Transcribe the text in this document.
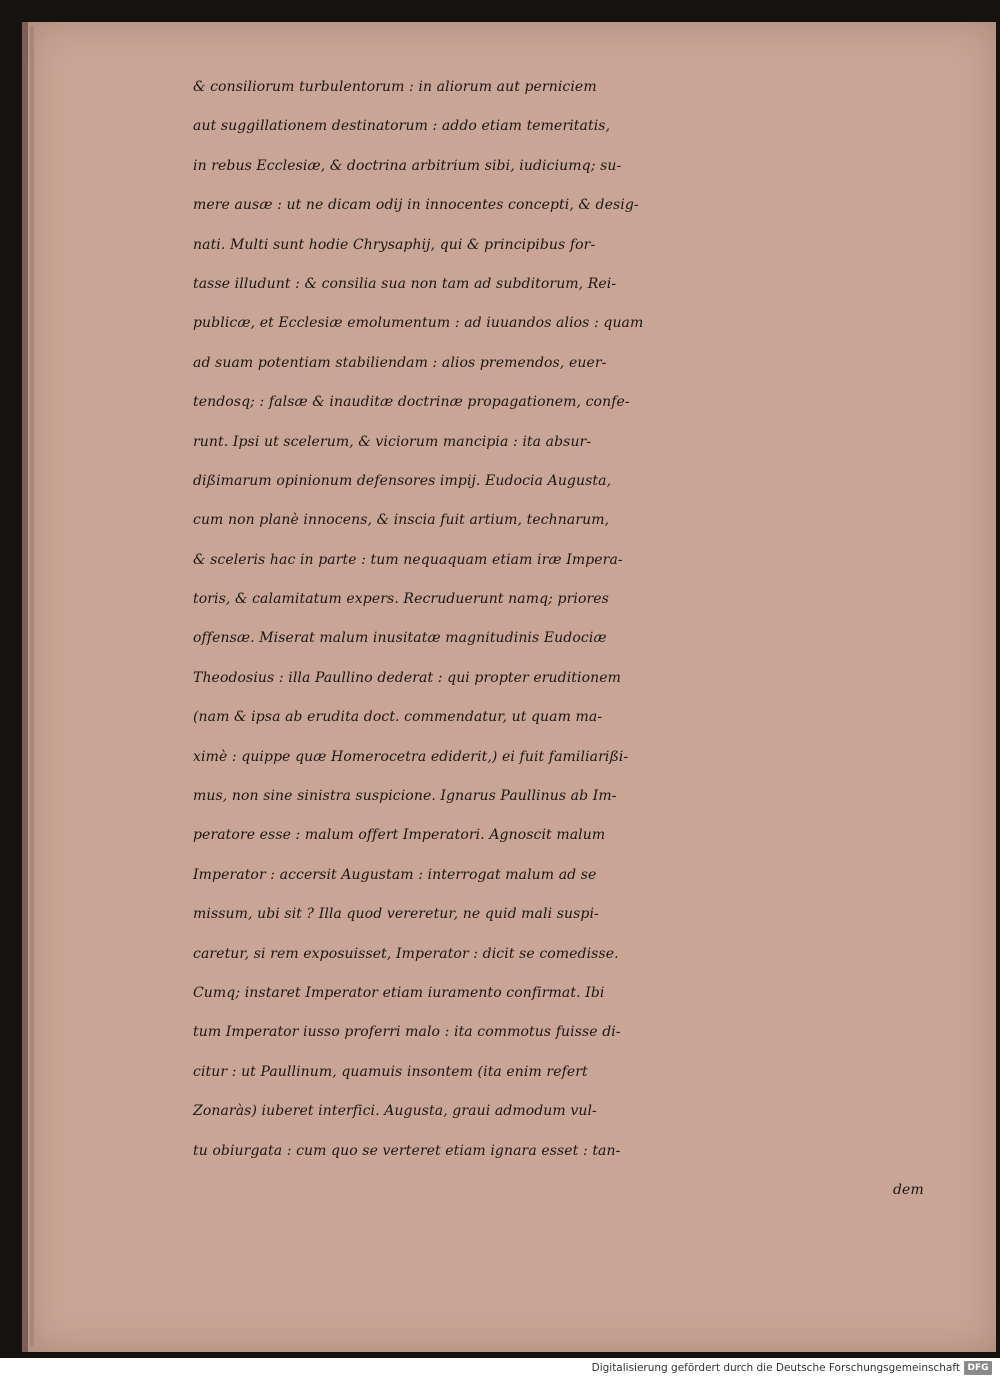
& consiliorum turbulentorum : in aliorum aut perniciem
aut suggillationem destinatorum : addo etiam temeritatis,
in rebus Ecclesiæ, & doctrina arbitrium sibi, iudiciumq; su-
mere ausæ : ut ne dicam odij in innocentes concepti, & desig-
nati. Multi sunt hodie Chrysaphij, qui & principibus for-
tasse illudunt : & consilia sua non tam ad subditorum, Rei-
publicæ, et Ecclesiæ emolumentum : ad iuuandos alios : quam
ad suam potentiam stabiliendam : alios premendos, euer-
tendosq; : falsæ & inauditæ doctrinæ propagationem, confe-
runt. Ipsi ut scelerum, & viciorum mancipia : ita absur-
dißimarum opinionum defensores impij. Eudocia Augusta,
cum non planè innocens, & inscia fuit artium, technarum,
& sceleris hac in parte : tum nequaquam etiam iræ Impera-
toris, & calamitatum expers. Recruduerunt namq; priores
offensæ. Miserat malum inusitatæ magnitudinis Eudociæ
Theodosius : illa Paullino dederat : qui propter eruditionem
(nam & ipsa ab erudita doct. commendatur, ut quam ma-
ximè : quippe quæ Homerocetra ediderit,) ei fuit familiarißi-
mus, non sine sinistra suspicione. Ignarus Paullinus ab Im-
peratore esse : malum offert Imperatori. Agnoscit malum
Imperator : accersit Augustam : interrogat malum ad se
missum, ubi sit ? Illa quod vereretur, ne quid mali suspi-
caretur, si rem exposuisset, Imperator : dicit se comedisse.
Cumq; instaret Imperator etiam iuramento confirmat. Ibi
tum Imperator iusso proferri malo : ita commotus fuisse di-
citur : ut Paullinum, quamuis insontem (ita enim refert
Zonaràs) iuberet interfici. Augusta, graui admodum vul-
tu obiurgata : cum quo se verteret etiam ignara esset : tan-
dem
Digitalisierung gefördert durch die Deutsche Forschungsgemeinschaft DFG
